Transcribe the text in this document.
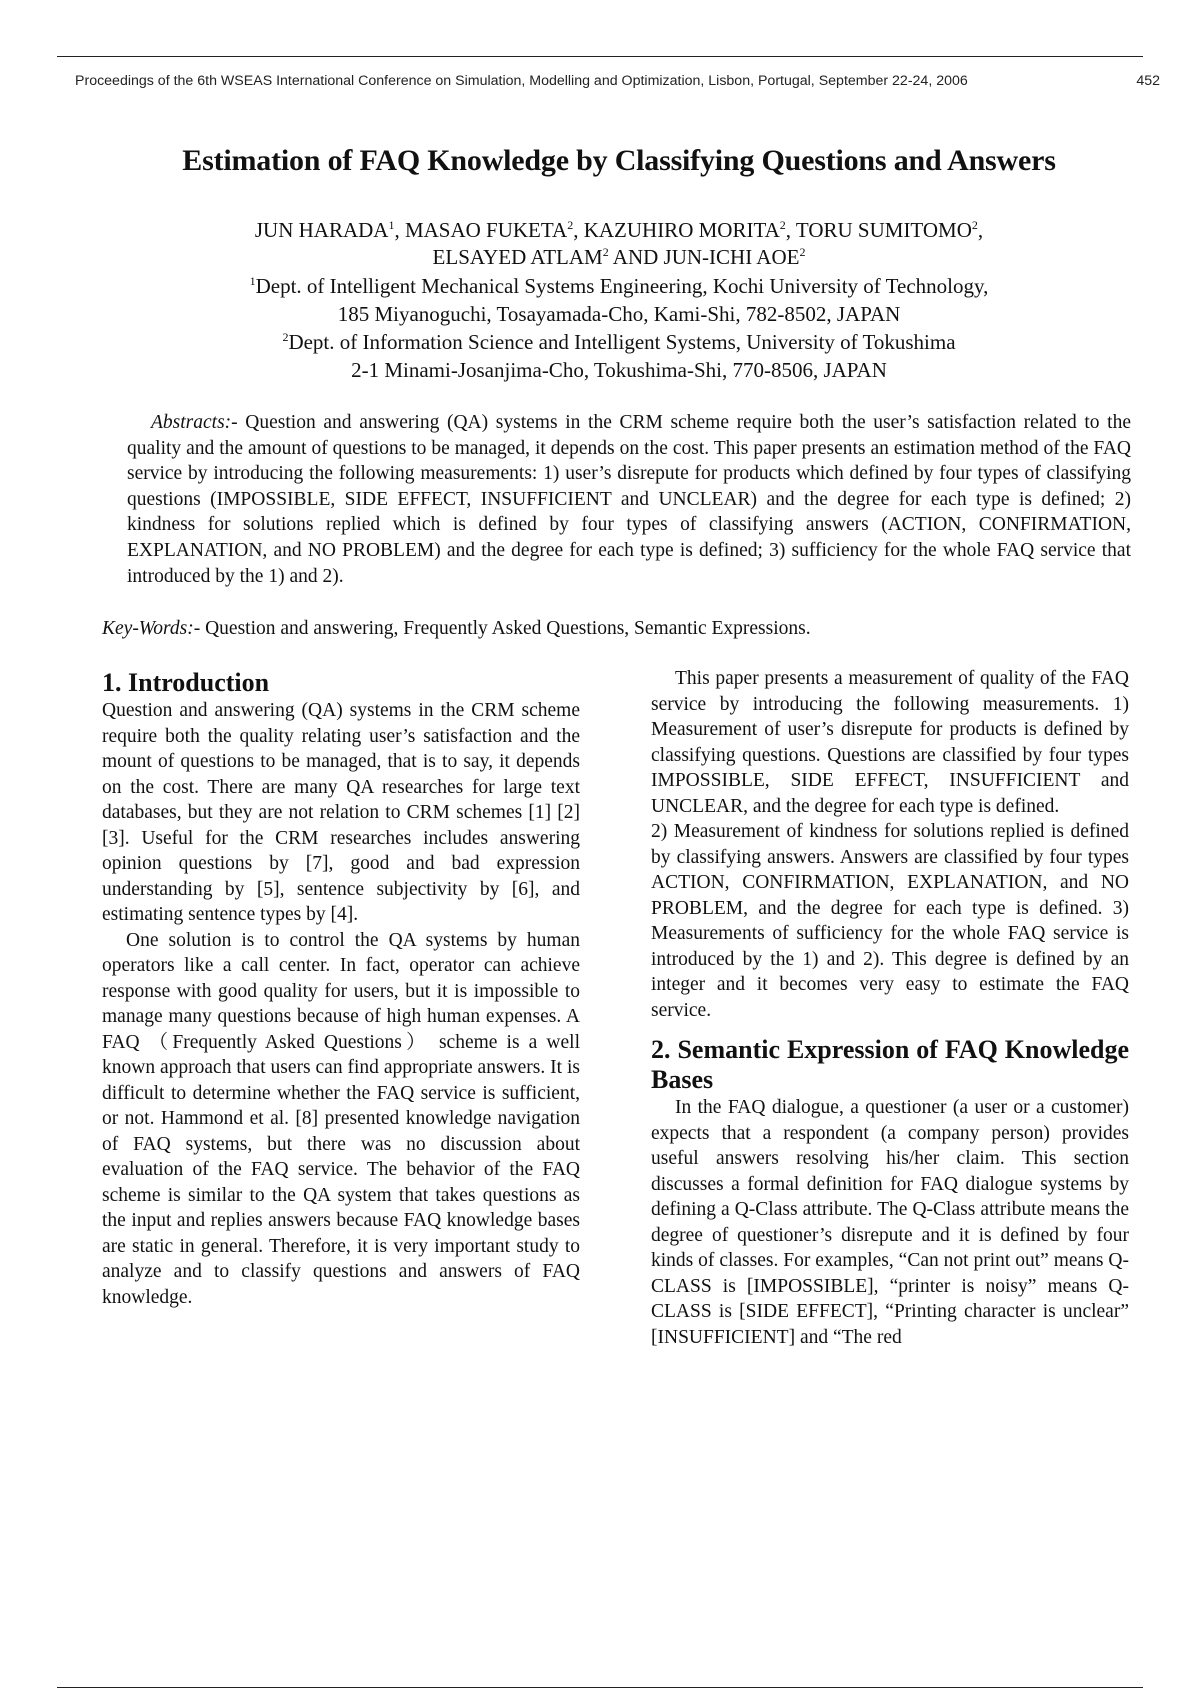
Proceedings of the 6th WSEAS International Conference on Simulation, Modelling and Optimization, Lisbon, Portugal, September 22-24, 2006	452
Estimation of FAQ Knowledge by Classifying Questions and Answers
JUN HARADA$^1$, MASAO FUKETA$^2$, KAZUHIRO MORITA$^2$, TORU SUMITOMO$^2$,
ELSAYED ATLAM$^2$ AND JUN-ICHI AOE$^2$
$^1$Dept. of Intelligent Mechanical Systems Engineering, Kochi University of Technology,
185 Miyanoguchi, Tosayamada-Cho, Kami-Shi, 782-8502, JAPAN
$^2$Dept. of Information Science and Intelligent Systems, University of Tokushima
2-1 Minami-Josanjima-Cho, Tokushima-Shi, 770-8506, JAPAN
Abstracts:- Question and answering (QA) systems in the CRM scheme require both the user’s satisfaction related to the quality and the amount of questions to be managed, it depends on the cost. This paper presents an estimation method of the FAQ service by introducing the following measurements: 1) user’s disrepute for products which defined by four types of classifying questions (IMPOSSIBLE, SIDE EFFECT, INSUFFICIENT and UNCLEAR) and the degree for each type is defined; 2) kindness for solutions replied which is defined by four types of classifying answers (ACTION, CONFIRMATION, EXPLANATION, and NO PROBLEM) and the degree for each type is defined; 3) sufficiency for the whole FAQ service that introduced by the 1) and 2).
Key-Words:- Question and answering, Frequently Asked Questions, Semantic Expressions.
1. Introduction

Question and answering (QA) systems in the CRM scheme require both the quality relating user’s satisfaction and the mount of questions to be managed, that is to say, it depends on the cost. There are many QA researches for large text databases, but they are not relation to CRM schemes [1] [2] [3]. Useful for the CRM researches includes answering opinion questions by [7], good and bad expression understanding by [5], sentence subjectivity by [6], and estimating sentence types by [4].

One solution is to control the QA systems by human operators like a call center. In fact, operator can achieve response with good quality for users, but it is impossible to manage many questions because of high human expenses. A FAQ （Frequently Asked Questions） scheme is a well known approach that users can find appropriate answers. It is difficult to determine whether the FAQ service is sufficient, or not. Hammond et al. [8] presented knowledge navigation of FAQ systems, but there was no discussion about evaluation of the FAQ service. The behavior of the FAQ scheme is similar to the QA system that takes questions as the input and replies answers because FAQ knowledge bases are static in general. Therefore, it is very important study to analyze and to classify questions and answers of FAQ knowledge.

This paper presents a measurement of quality of the FAQ service by introducing the following measurements. 1) Measurement of user’s disrepute for products is defined by classifying questions. Questions are classified by four types IMPOSSIBLE, SIDE EFFECT, INSUFFICIENT and UNCLEAR, and the degree for each type is defined.

2) Measurement of kindness for solutions replied is defined by classifying answers. Answers are classified by four types ACTION, CONFIRMATION, EXPLANATION, and NO PROBLEM, and the degree for each type is defined. 3) Measurements of sufficiency for the whole FAQ service is introduced by the 1) and 2). This degree is defined by an integer and it becomes very easy to estimate the FAQ service.

2. Semantic Expression of FAQ Knowledge Bases

In the FAQ dialogue, a questioner (a user or a customer) expects that a respondent (a company person) provides useful answers resolving his/her claim. This section discusses a formal definition for FAQ dialogue systems by defining a Q-Class attribute. The Q-Class attribute means the degree of questioner’s disrepute and it is defined by four kinds of classes. For examples, “Can not print out” means Q-CLASS is [IMPOSSIBLE], “printer is noisy” means Q-CLASS is [SIDE EFFECT], “Printing character is unclear” [INSUFFICIENT] and “The red
